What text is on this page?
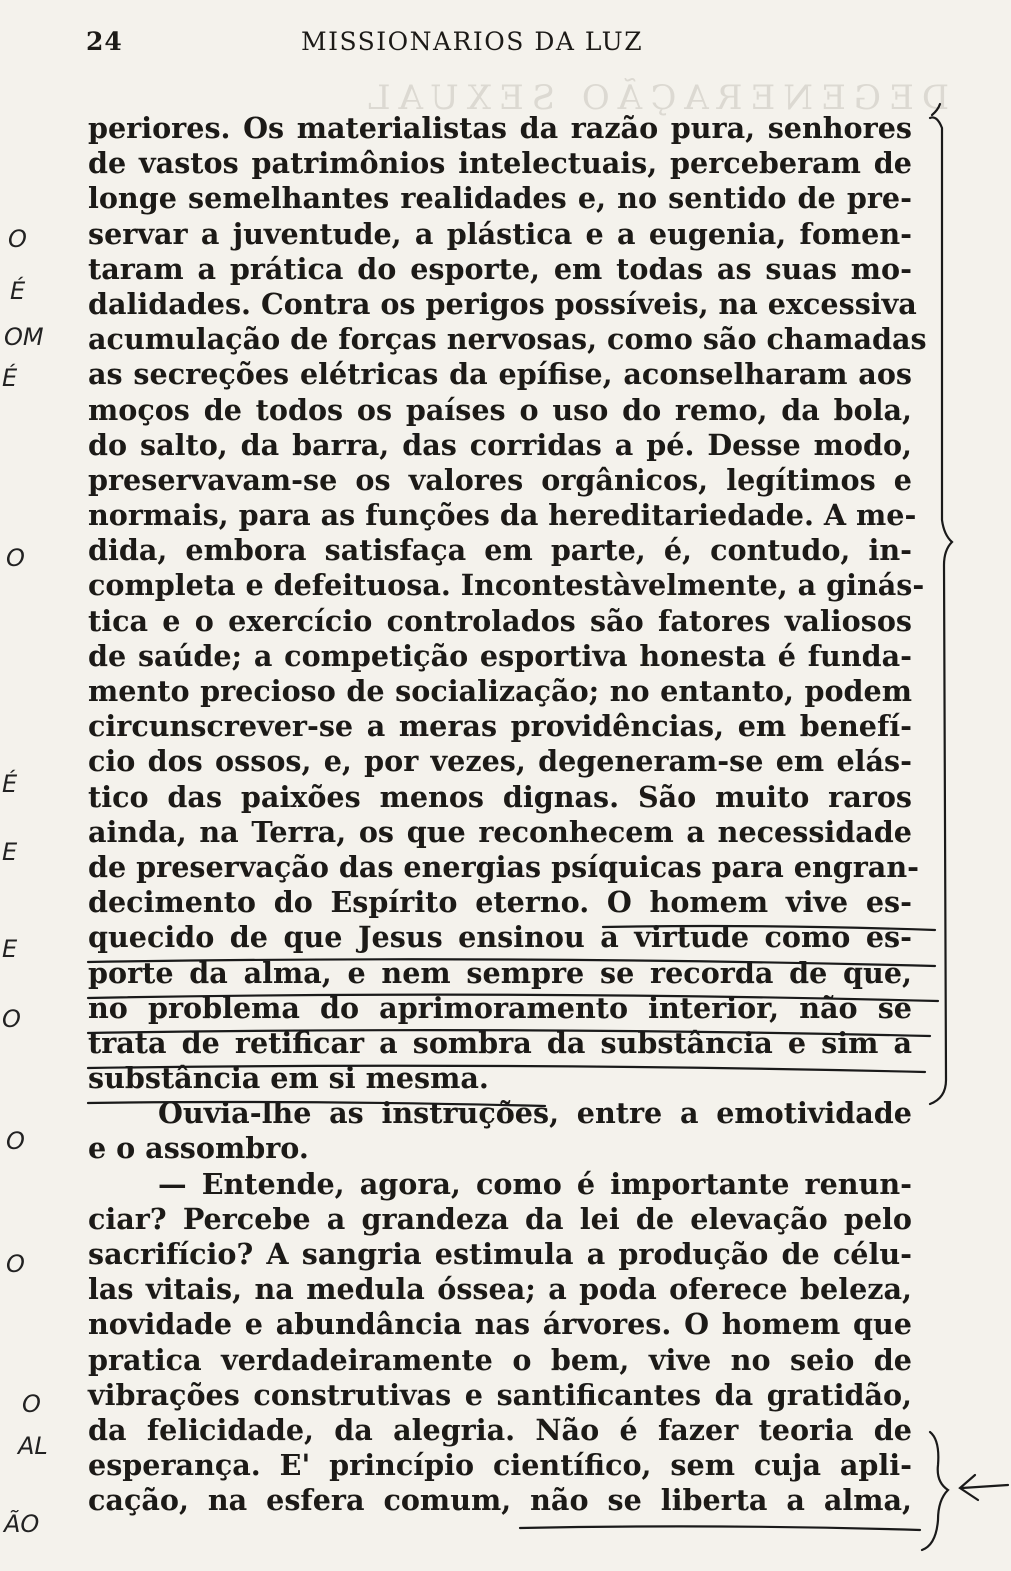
DEGENERAÇÃO SEXUAL
24	MISSIONARIOS DA LUZ
periores. Os materialistas da razão pura, senhores
de vastos patrimônios intelectuais, perceberam de
longe semelhantes realidades e, no sentido de pre-
servar a juventude, a plástica e a eugenia, fomen-
taram a prática do esporte, em todas as suas mo-
dalidades. Contra os perigos possíveis, na excessiva
acumulação de forças nervosas, como são chamadas
as secreções elétricas da epífise, aconselharam aos
moços de todos os países o uso do remo, da bola,
do salto, da barra, das corridas a pé. Desse modo,
preservavam-se os valores orgânicos, legítimos e
normais, para as funções da hereditariedade. A me-
dida, embora satisfaça em parte, é, contudo, in-
completa e defeituosa. Incontestàvelmente, a ginás-
tica e o exercício controlados são fatores valiosos
de saúde; a competição esportiva honesta é funda-
mento precioso de socialização; no entanto, podem
circunscrever-se a meras providências, em benefí-
cio dos ossos, e, por vezes, degeneram-se em elás-
tico das paixões menos dignas. São muito raros
ainda, na Terra, os que reconhecem a necessidade
de preservação das energias psíquicas para engran-
decimento do Espírito eterno. O homem vive es-
quecido de que Jesus ensinou a virtude como es-
porte da alma, e nem sempre se recorda de que,
no problema do aprimoramento interior, não se
trata de retificar a sombra da substância e sim a
substância em si mesma.
Ouvia-lhe as instruções, entre a emotividade
e o assombro.
— Entende, agora, como é importante renun-
ciar? Percebe a grandeza da lei de elevação pelo
sacrifício? A sangria estimula a produção de célu-
las vitais, na medula óssea; a poda oferece beleza,
novidade e abundância nas árvores. O homem que
pratica verdadeiramente o bem, vive no seio de
vibrações construtivas e santificantes da gratidão,
da felicidade, da alegria. Não é fazer teoria de
esperança. E' princípio científico, sem cuja apli-
cação, na esfera comum, não se liberta a alma,
O
É
OM
É
O
É
E
E
O
O
O
O
AL
ÃO
